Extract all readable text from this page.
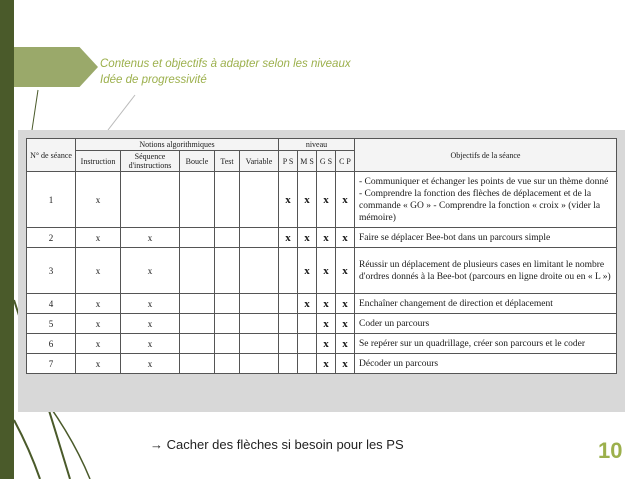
Contenus et objectifs à adapter selon les niveaux
Idée de progressivité
N° de séance	Notions algorithmiques					niveau				Objectifs de la séance
	Instruction	Séquence d'instructions	Boucle	Test	Variable	P S	M S	G S	C P	
1	x					x	x	x	x	- Communiquer et échanger les points de vue sur un thème donné - Comprendre la fonction des flèches de déplacement et de la commande « GO » - Comprendre la fonction « croix » (vider la mémoire)
2	x	x				x	x	x	x	Faire se déplacer Bee-bot dans un parcours simple
3	x	x					x	x	x	Réussir un déplacement de plusieurs cases en limitant le nombre d'ordres donnés à la Bee-bot (parcours en ligne droite ou en « L »)
4	x	x					x	x	x	Enchaîner changement de direction et déplacement
5	x	x						x	x	Coder un parcours
6	x	x						x	x	Se repérer sur un quadrillage, créer son parcours et le coder
7	x	x						x	x	Décoder un parcours
→ Cacher des flèches si besoin pour les PS	10
